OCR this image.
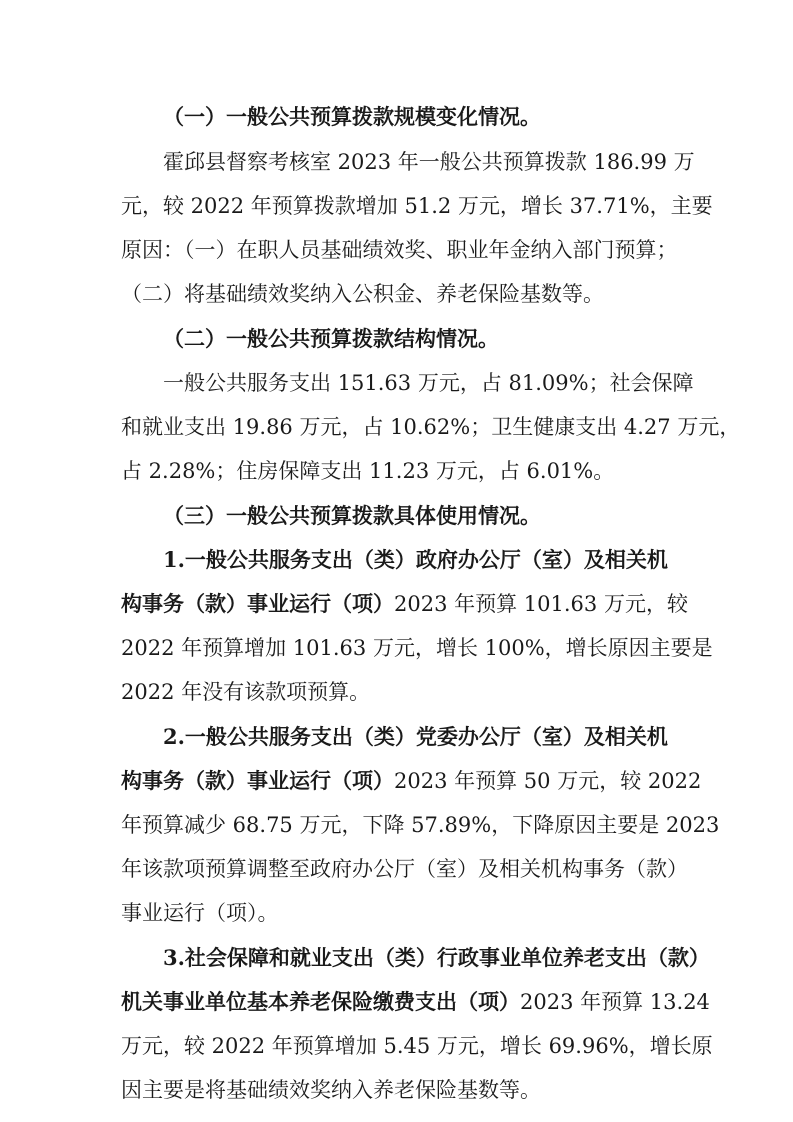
（一）一般公共预算拨款规模变化情况。
霍邱县督察考核室 2023 年一般公共预算拨款 186.99 万
元，较 2022 年预算拨款增加 51.2 万元，增长 37.71%，主要
原因：（一）在职人员基础绩效奖、职业年金纳入部门预算；
（二）将基础绩效奖纳入公积金、养老保险基数等。
（二）一般公共预算拨款结构情况。
一般公共服务支出 151.63 万元，占 81.09%；社会保障
和就业支出 19.86 万元，占 10.62%；卫生健康支出 4.27 万元，
占 2.28%；住房保障支出 11.23 万元，占 6.01%。
（三）一般公共预算拨款具体使用情况。
1.一般公共服务支出（类）政府办公厅（室）及相关机
构事务（款）事业运行（项）2023 年预算 101.63 万元，较
2022 年预算增加 101.63 万元，增长 100%，增长原因主要是
2022 年没有该款项预算。
2.一般公共服务支出（类）党委办公厅（室）及相关机
构事务（款）事业运行（项）2023 年预算 50 万元，较 2022
年预算减少 68.75 万元，下降 57.89%，下降原因主要是 2023
年该款项预算调整至政府办公厅（室）及相关机构事务（款）
事业运行（项）。
3.社会保障和就业支出（类）行政事业单位养老支出（款）
机关事业单位基本养老保险缴费支出（项）2023 年预算 13.24
万元，较 2022 年预算增加 5.45 万元，增长 69.96%，增长原
因主要是将基础绩效奖纳入养老保险基数等。
